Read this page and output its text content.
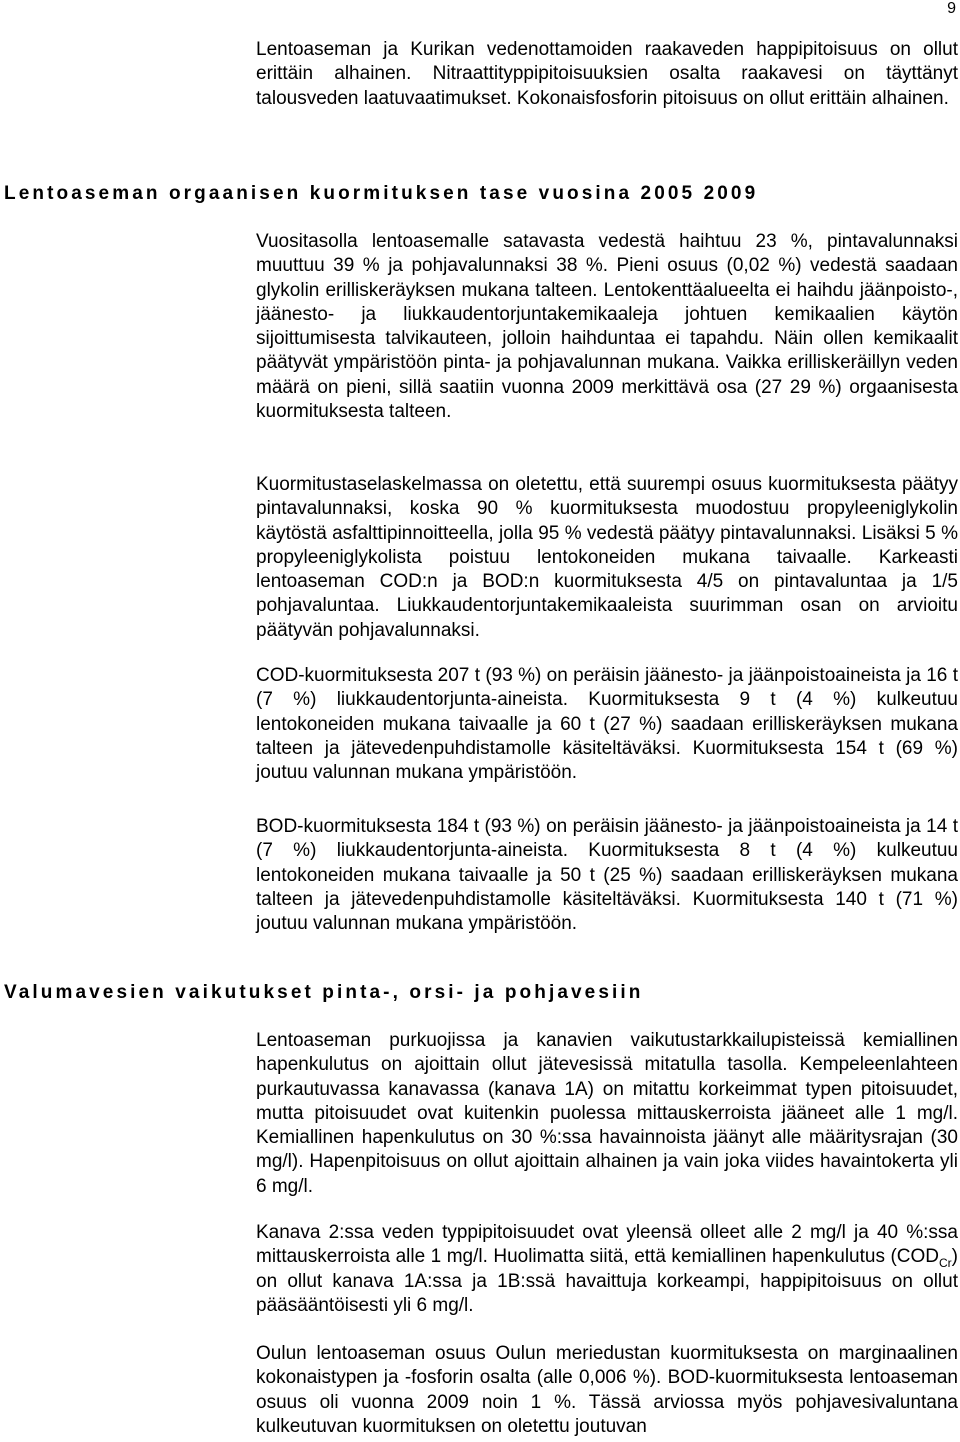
9

Lentoaseman ja Kurikan vedenottamoiden raakaveden happipitoisuus on ollut erittäin alhainen. Nitraattityppipitoisuuksien osalta raakavesi on täyttänyt talousveden laatuvaatimukset. Kokonaisfosforin pitoisuus on ollut erittäin alhainen.

Lentoaseman orgaanisen kuormituksen tase vuosina 2005 2009

Vuositasolla lentoasemalle satavasta vedestä haihtuu 23 %, pintavalunnaksi muuttuu 39 % ja pohjavalunnaksi 38 %. Pieni osuus (0,02 %) vedestä saadaan glykolin erilliskeräyksen mukana talteen. Lentokenttäalueelta ei haihdu jäänpoisto-, jäänesto- ja liukkaudentorjuntakemikaaleja johtuen kemikaalien käytön sijoittumisesta talvikauteen, jolloin haihduntaa ei tapahdu. Näin ollen kemikaalit päätyvät ympäristöön pinta- ja pohjavalunnan mukana. Vaikka erilliskeräillyn veden määrä on pieni, sillä saatiin vuonna 2009 merkittävä osa (27 29 %) orgaanisesta kuormituksesta talteen.

Kuormitustaselaskelmassa on oletettu, että suurempi osuus kuormituksesta päätyy pintavalunnaksi, koska 90 % kuormituksesta muodostuu propyleeniglykolin käytöstä asfalttipinnoitteella, jolla 95 % vedestä päätyy pintavalunnaksi. Lisäksi 5 % propyleeniglykolista poistuu lentokoneiden mukana taivaalle. Karkeasti lentoaseman COD:n ja BOD:n kuormituksesta 4/5 on pintavaluntaa ja 1/5 pohjavaluntaa. Liukkaudentorjuntakemikaaleista suurimman osan on arvioitu päätyvän pohjavalunnaksi.

COD-kuormituksesta 207 t (93 %) on peräisin jäänesto- ja jäänpoistoaineista ja 16 t (7 %) liukkaudentorjunta-aineista. Kuormituksesta 9 t (4 %) kulkeutuu lentokoneiden mukana taivaalle ja 60 t (27 %) saadaan erilliskeräyksen mukana talteen ja jätevedenpuhdistamolle käsiteltäväksi. Kuormituksesta 154 t (69 %) joutuu valunnan mukana ympäristöön.

BOD-kuormituksesta 184 t (93 %) on peräisin jäänesto- ja jäänpoistoaineista ja 14 t (7 %) liukkaudentorjunta-aineista. Kuormituksesta 8 t (4 %) kulkeutuu lentokoneiden mukana taivaalle ja 50 t (25 %) saadaan erilliskeräyksen mukana talteen ja jätevedenpuhdistamolle käsiteltäväksi. Kuormituksesta 140 t (71 %) joutuu valunnan mukana ympäristöön.

Valumavesien vaikutukset pinta-, orsi- ja pohjavesiin

Lentoaseman purkuojissa ja kanavien vaikutustarkkailupisteissä kemiallinen hapenkulutus on ajoittain ollut jätevesissä mitatulla tasolla. Kempeleenlahteen purkautuvassa kanavassa (kanava 1A) on mitattu korkeimmat typen pitoisuudet, mutta pitoisuudet ovat kuitenkin puolessa mittauskerroista jääneet alle 1 mg/l. Kemiallinen hapenkulutus on 30 %:ssa havainnoista jäänyt alle määritysrajan (30 mg/l). Hapenpitoisuus on ollut ajoittain alhainen ja vain joka viides havaintokerta yli 6 mg/l.

Kanava 2:ssa veden typpipitoisuudet ovat yleensä olleet alle 2 mg/l ja 40 %:ssa mittauskerroista alle 1 mg/l. Huolimatta siitä, että kemiallinen hapenkulutus $(COD_{Cr})$ on ollut kanava 1A:ssa ja 1B:ssä havaittuja korkeampi, happipitoisuus on ollut pääsääntöisesti yli 6 mg/l.

Oulun lentoaseman osuus Oulun meriedustan kuormituksesta on marginaalinen kokonaistypen ja -fosforin osalta (alle 0,006 %). BOD-kuormituksesta lentoaseman osuus oli vuonna 2009 noin 1 %. Tässä arviossa myös pohjavesivaluntana kulkeutuvan kuormituksen on oletettu joutuvan
